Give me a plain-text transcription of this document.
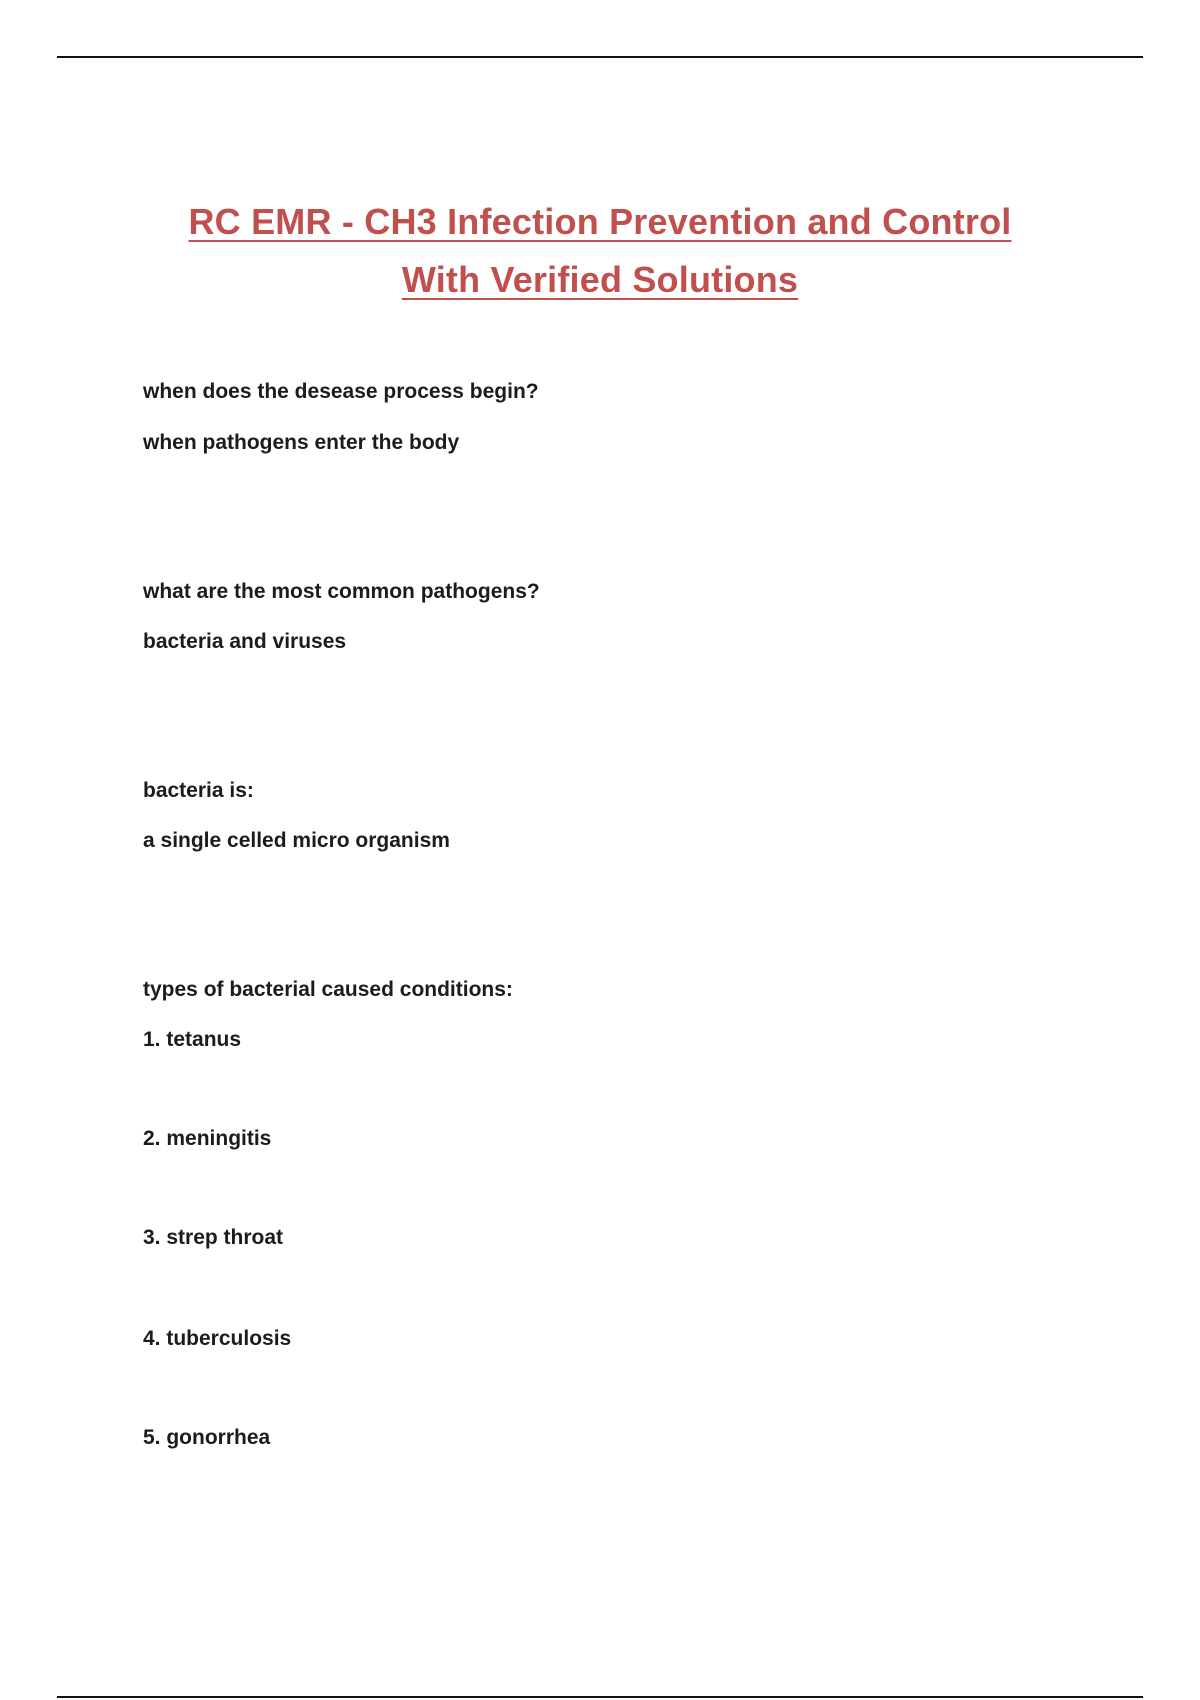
RC EMR - CH3 Infection Prevention and Control
With Verified Solutions
when does the desease process begin?
when pathogens enter the body
what are the most common pathogens?
bacteria and viruses
bacteria is:
a single celled micro organism
types of bacterial caused conditions:
1. tetanus
2. meningitis
3. strep throat
4. tuberculosis
5. gonorrhea
